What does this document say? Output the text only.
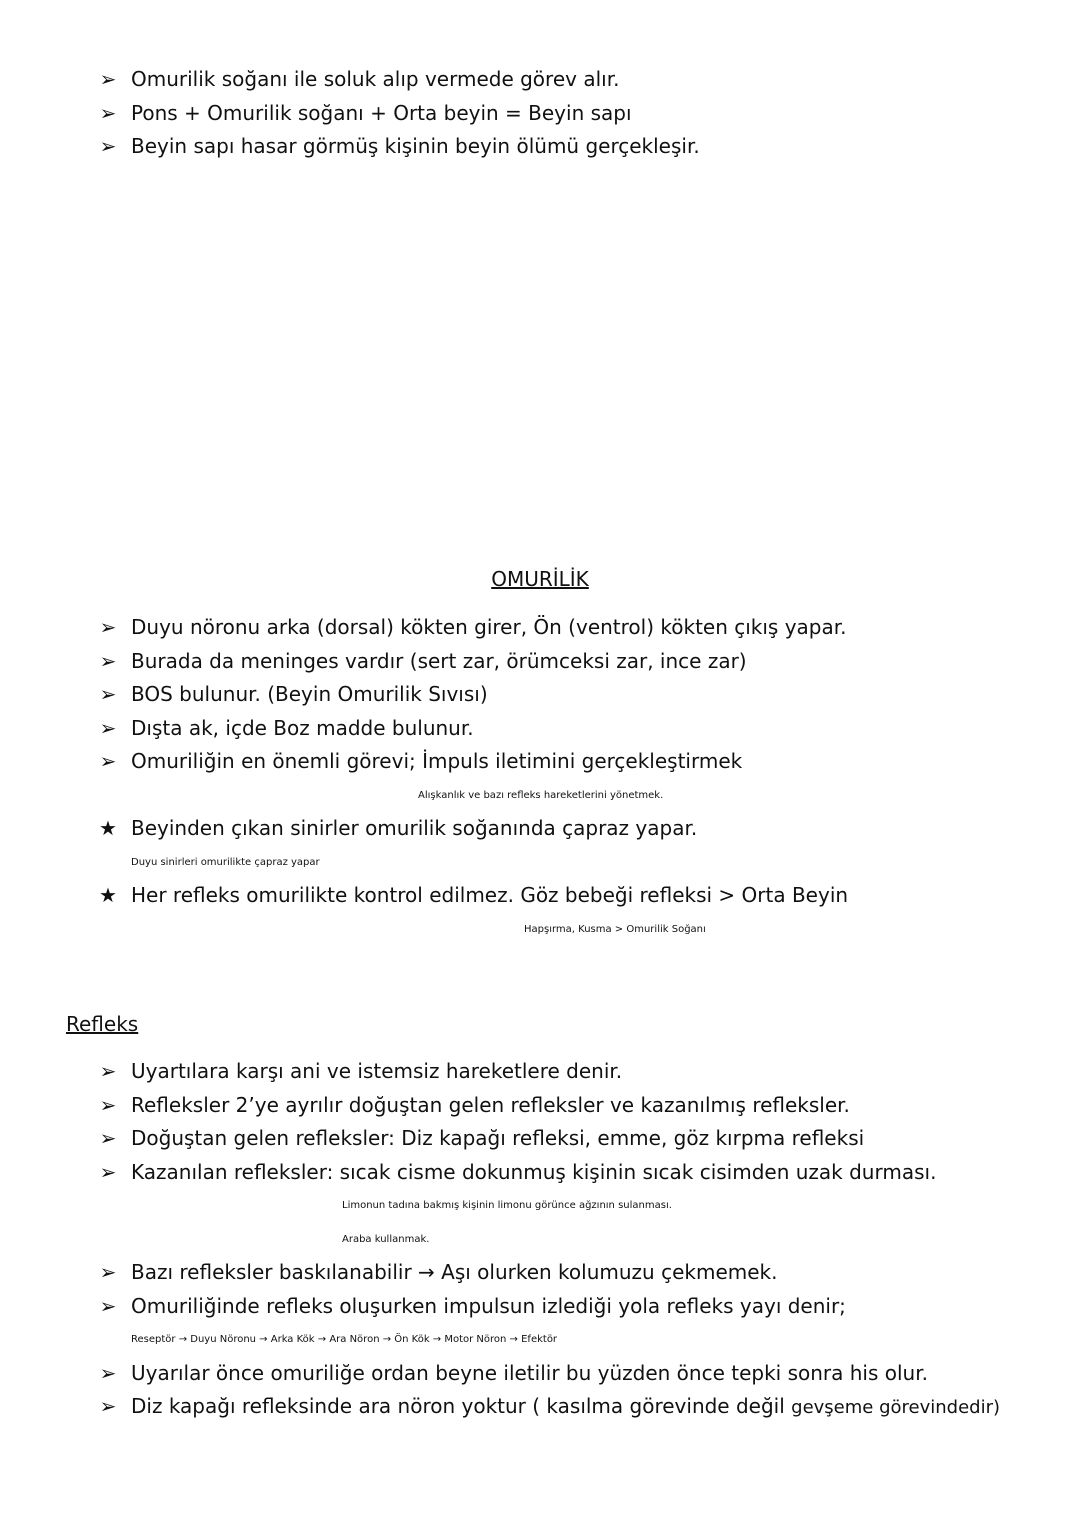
➢ Omurilik soğanı ile soluk alıp vermede görev alır.
➢ Pons + Omurilik soğanı + Orta beyin = Beyin sapı
➢ Beyin sapı hasar görmüş kişinin beyin ölümü gerçekleşir.
OMURİLİK
➢ Duyu nöronu arka (dorsal) kökten girer, Ön (ventrol) kökten çıkış yapar.
➢ Burada da meninges vardır (sert zar, örümceksi zar, ince zar)
➢ BOS bulunur. (Beyin Omurilik Sıvısı)
➢ Dışta ak, içde Boz madde bulunur.
➢ Omuriliğin en önemli görevi; İmpuls iletimini gerçekleştirmek
Alışkanlık ve bazı refleks hareketlerini yönetmek.
★ Beyinden çıkan sinirler omurilik soğanında çapraz yapar.
Duyu sinirleri omurilikte çapraz yapar
★ Her refleks omurilikte kontrol edilmez. Göz bebeği refleksi > Orta Beyin
Hapşırma, Kusma > Omurilik Soğanı
Refleks
➢ Uyartılara karşı ani ve istemsiz hareketlere denir.
➢ Refleksler 2’ye ayrılır doğuştan gelen refleksler ve kazanılmış refleksler.
➢ Doğuştan gelen refleksler: Diz kapağı refleksi, emme, göz kırpma refleksi
➢ Kazanılan refleksler: sıcak cisme dokunmuş kişinin sıcak cisimden uzak durması.
Limonun tadına bakmış kişinin limonu görünce ağzının sulanması.
Araba kullanmak.
➢ Bazı refleksler baskılanabilir → Aşı olurken kolumuzu çekmemek.
➢ Omuriliğinde refleks oluşurken impulsun izlediği yola refleks yayı denir;
Reseptör → Duyu Nöronu → Arka Kök → Ara Nöron → Ön Kök → Motor Nöron → Efektör
➢ Uyarılar önce omuriliğe ordan beyne iletilir bu yüzden önce tepki sonra his olur.
➢ Diz kapağı refleksinde ara nöron yoktur ( kasılma görevinde değil gevşeme görevindedir)
